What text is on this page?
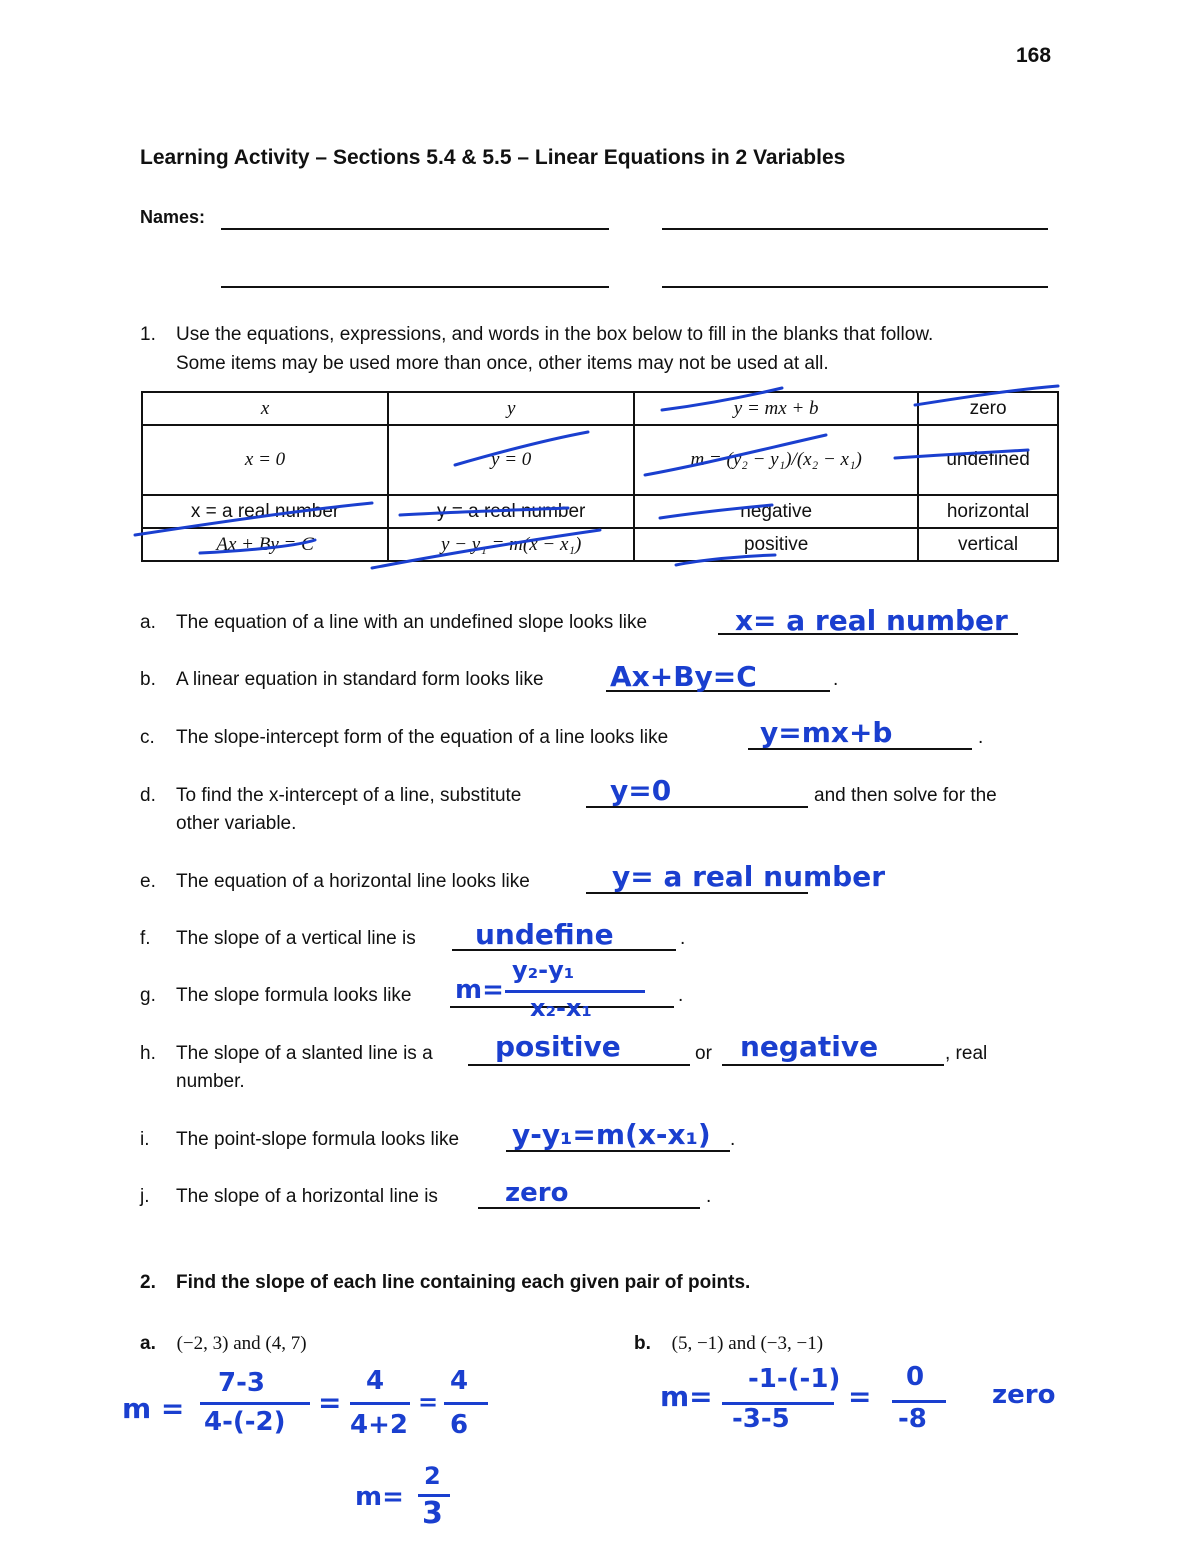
168
Learning Activity – Sections 5.4 & 5.5 – Linear Equations in 2 Variables
Names:
1. Use the equations, expressions, and words in the box below to fill in the blanks that follow.
Some items may be used more than once, other items may not be used at all.
x	y	y = mx + b	zero
x = 0	y = 0	m = (y₂ − y₁)/(x₂ − x₁)	undefined
x = a real number	y = a real number	negative	horizontal
Ax + By = C	y − y₁ = m(x − x₁)	positive	vertical
a. The equation of a line with an undefined slope looks like	x= a real number
b. A linear equation in standard form looks like	.
Ax+By=C
c. The slope-intercept form of the equation of a line looks like	.
y=mx+b
d. To find the x-intercept of a line, substitute
other variable.
and then solve for the
y=0
e. The equation of a horizontal line looks like	y= a real number
f. The slope of a vertical line is	.
undefine
g. The slope formula looks like	.
m=
y₂-y₁
x₂-x₁
h. The slope of a slanted line is a
number.
or	, real
positive	negative
i. The point-slope formula looks like	.
y-y₁=m(x-x₁)
j. The slope of a horizontal line is	.
zero
2. Find the slope of each line containing each given pair of points.
a. (−2, 3) and (4, 7)	b. (5, −1) and (−3, −1)
m =
7-3
4-(-2)
=
4
4+2
=
4
6
m=
2
3
m=
-1-(-1)
-3-5
=
0
-8
zero
